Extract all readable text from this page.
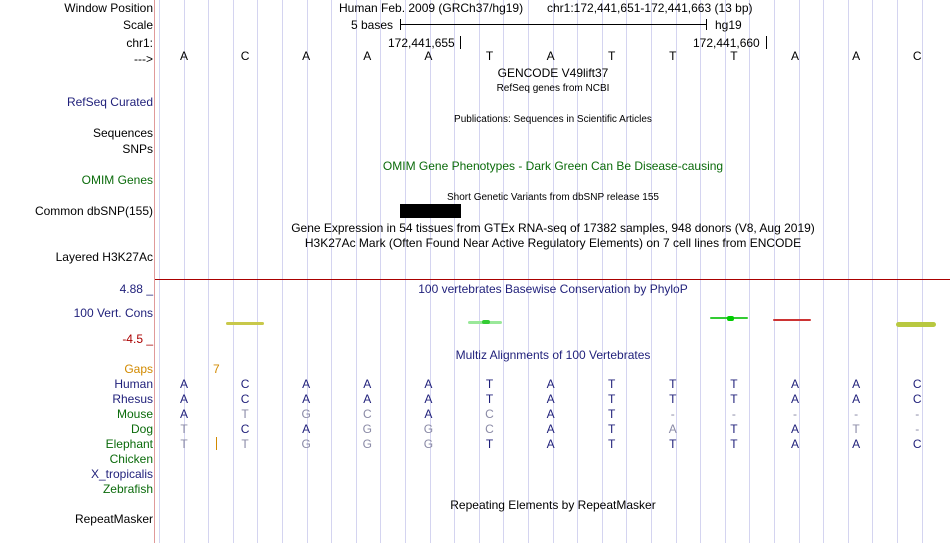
Window Position	Human Feb. 2009 (GRCh37/hg19) chr1:172,441,651-172,441,663 (13 bp)
Scale	5 bases	hg19
chr1:	172,441,655	172,441,660
--->	A	C	A	A	A	T	A	T	T	T	A	A	C
GENCODE V49lift37
RefSeq genes from NCBI
RefSeq Curated
Publications: Sequences in Scientific Articles
Sequences
SNPs
OMIM Gene Phenotypes - Dark Green Can Be Disease-causing
OMIM Genes
Short Genetic Variants from dbSNP release 155
Common dbSNP(155)
Gene Expression in 54 tissues from GTEx RNA-seq of 17382 samples, 948 donors (V8, Aug 2019)
H3K27Ac Mark (Often Found Near Active Regulatory Elements) on 7 cell lines from ENCODE
Layered H3K27Ac
4.88 _	100 vertebrates Basewise Conservation by PhyloP
100 Vert. Cons
-4.5 _
Multiz Alignments of 100 Vertebrates
Gaps	7
Human	A	C	A	A	A	T	A	T	T	T	A	A	C
Rhesus	A	C	A	A	A	T	A	T	T	T	A	A	C
Mouse	A	T	G	C	A	C	A	T	-	-	-	-	-
Dog	T	C	A	G	G	C	A	T	A	T	A	T	-
Elephant	T	T	G	G	G	T	A	T	T	T	A	A	C
Chicken
X_tropicalis
Zebrafish
Repeating Elements by RepeatMasker
RepeatMasker
